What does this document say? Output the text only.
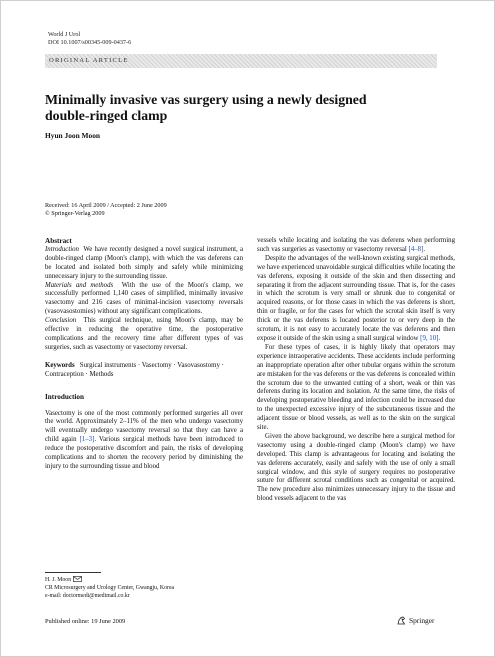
World J Urol
DOI 10.1007/s00345-009-0437-6
ORIGINAL ARTICLE
Minimally invasive vas surgery using a newly designed
double-ringed clamp
Hyun Joon Moon
Received: 16 April 2009 / Accepted: 2 June 2009
© Springer-Verlag 2009

Abstract

Introduction We have recently designed a novel surgical instrument, a double-ringed clamp (Moon's clamp), with which the vas deferens can be located and isolated both simply and safely while minimizing unnecessary injury to the surrounding tissue.

Materials and methods With the use of the Moon's clamp, we successfully performed 1,140 cases of simplified, minimally invasive vasectomy and 216 cases of minimal-incision vasectomy reversals (vasovasostomies) without any significant complications.

Conclusion This surgical technique, using Moon's clamp, may be effective in reducing the operative time, the postoperative complications and the recovery time after different types of vas surgeries, such as vasectomy or vasectomy reversal.

Keywords Surgical instruments · Vasectomy · Vasovasostomy · Contraception · Methods

Introduction

Vasectomy is one of the most commonly performed surgeries all over the world. Approximately 2–11% of the men who undergo vasectomy will eventually undergo vasectomy reversal so that they can have a child again [1–3]. Various surgical methods have been introduced to reduce the postoperative discomfort and pain, the risks of developing complications and to shorten the recovery period by diminishing the injury to the surrounding tissue and blood

vessels while locating and isolating the vas deferens when performing such vas surgeries as vasectomy or vasectomy reversal [4–8].

Despite the advantages of the well-known existing surgical methods, we have experienced unavoidable surgical difficulties while locating the vas deferens, exposing it outside of the skin and then dissecting and separating it from the adjacent surrounding tissue. That is, for the cases in which the scrotum is very small or shrunk due to congenital or acquired reasons, or for those cases in which the vas deferens is short, thin or fragile, or for the cases for which the scrotal skin itself is very thick or the vas deferens is located posterior to or very deep in the scrotum, it is not easy to accurately locate the vas deferens and then expose it outside of the skin using a small surgical window [9, 10].

For these types of cases, it is highly likely that operators may experience intraoperative accidents. These accidents include performing an inappropriate operation after other tubular organs within the scrotum are mistaken for the vas deferens or the vas deferens is concealed within the scrotum due to the unwanted cutting of a short, weak or thin vas deferens during its location and isolation. At the same time, the risks of developing postoperative bleeding and infection could be increased due to the unexpected excessive injury of the subcutaneous tissue and the adjacent tissue or blood vessels, as well as to the skin on the surgical site.

Given the above background, we describe here a surgical method for vasectomy using a double-ringed clamp (Moon's clamp) we have developed. This clamp is advantageous for locating and isolating the vas deferens accurately, easily and safely with the use of only a small surgical window, and this style of surgery requires no postoperative suture for different scrotal conditions such as congenital or acquired. The new procedure also minimizes unnecessary injury to the tissue and blood vessels adjacent to the vas

H. J. Moon
CR Microsurgery and Urology Center, Gwangju, Korea
e-mail: doctormedi@medimail.co.kr
Published online: 19 June 2009	Springer
